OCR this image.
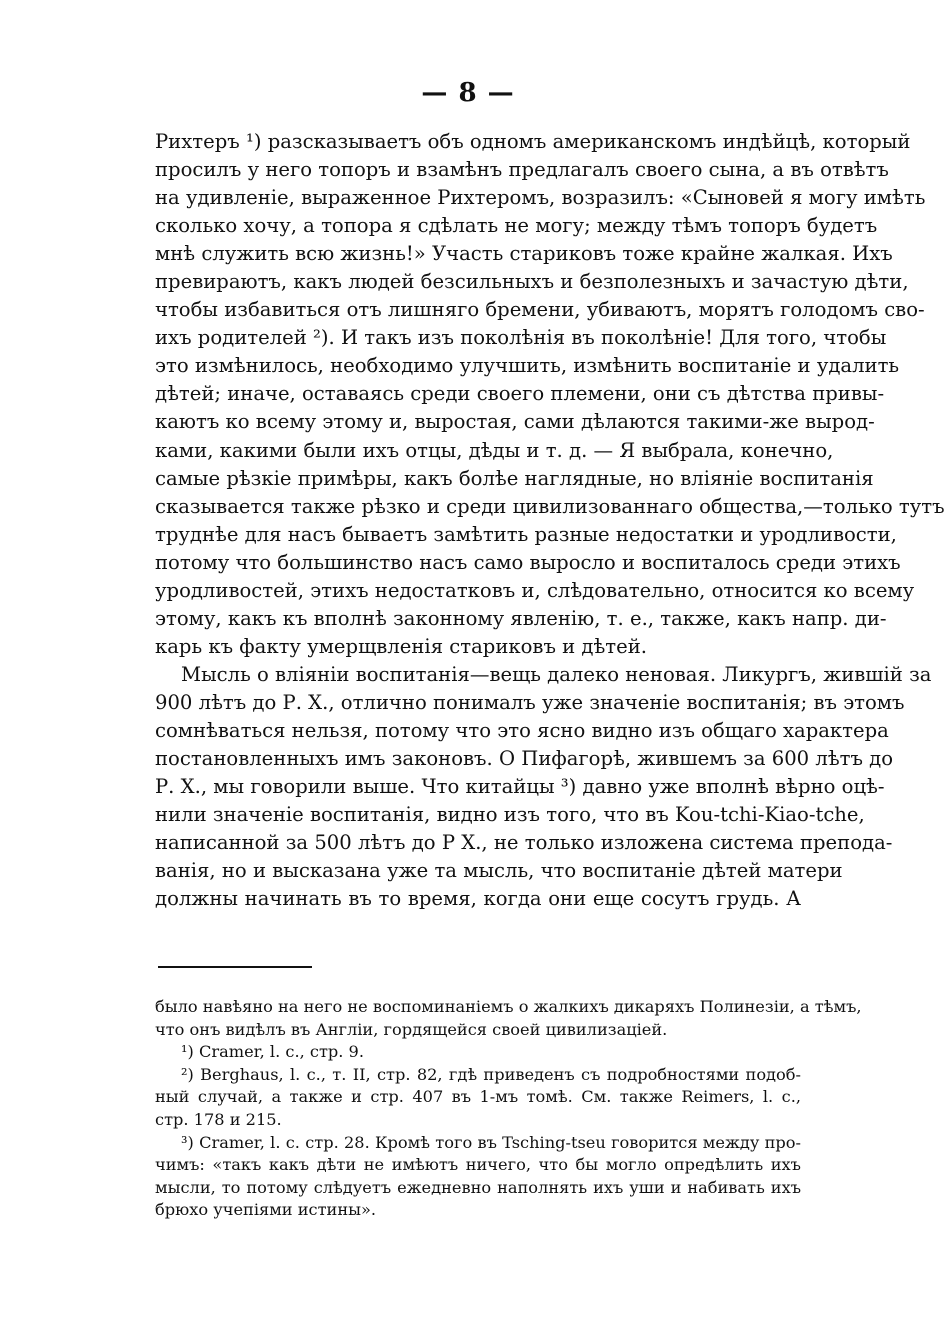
— 8 —
Рихтеръ ¹) разсказываетъ объ одномъ американскомъ индѣйцѣ, который
просилъ у него топоръ и взамѣнъ предлагалъ своего сына, а въ отвѣтъ
на удивленіе, выраженное Рихтеромъ, возразилъ: «Сыновей я могу имѣть
сколько хочу, а топора я сдѣлать не могу; между тѣмъ топоръ будетъ
мнѣ служить всю жизнь!» Участь стариковъ тоже крайне жалкая. Ихъ
превираютъ, какъ людей безсильныхъ и безполезныхъ и зачастую дѣти,
чтобы избавиться отъ лишняго бремени, убиваютъ, морятъ голодомъ сво-
ихъ родителей ²). И такъ изъ поколѣнія въ поколѣніе! Для того, чтобы
это измѣнилось, необходимо улучшить, измѣнить воспитаніе и удалить
дѣтей; иначе, оставаясь среди своего племени, они съ дѣтства привы-
каютъ ко всему этому и, выростая, сами дѣлаются такими-же вырод-
ками, какими были ихъ отцы, дѣды и т. д. — Я выбрала, конечно,
самые рѣзкіе примѣры, какъ болѣе наглядные, но вліяніе воспитанія
сказывается также рѣзко и среди цивилизованнаго общества,—только тутъ
труднѣе для насъ бываетъ замѣтить разные недостатки и уродливости,
потому что большинство насъ само выросло и воспиталось среди этихъ
уродливостей, этихъ недостатковъ и, слѣдовательно, относится ко всему
этому, какъ къ вполнѣ законному явленію, т. е., также, какъ напр. ди-
карь къ факту умерщвленія стариковъ и дѣтей.
Мысль о вліяніи воспитанія—вещь далеко неновая. Ликургъ, жившій за
900 лѣтъ до Р. Х., отлично понималъ уже значеніе воспитанія; въ этомъ
сомнѣваться нельзя, потому что это ясно видно изъ общаго характера
постановленныхъ имъ законовъ. О Пифагорѣ, жившемъ за 600 лѣтъ до
Р. Х., мы говорили выше. Что китайцы ³) давно уже вполнѣ вѣрно оцѣ-
нили значеніе воспитанія, видно изъ того, что въ Kou-tchi-Kiao-tche,
написанной за 500 лѣтъ до Р Х., не только изложена система препода-
ванія, но и высказана уже та мысль, что воспитаніе дѣтей матери
должны начинать въ то время, когда они еще сосутъ грудь. А
было навѣяно на него не воспоминаніемъ о жалкихъ дикаряхъ Полинезіи, а тѣмъ,
что онъ видѣлъ въ Англіи, гордящейся своей цивилизаціей.
¹) Cramer, l. c., стр. 9.
²) Berghaus, l. c., т. II, стр. 82, гдѣ приведенъ съ подробностями подоб-
ный случай, а также и стр. 407 въ 1-мъ томѣ. См. также Reimers, l. c.,
стр. 178 и 215.
³) Cramer, l. c. стр. 28. Кромѣ того въ Tsching-tseu говорится между про-
чимъ: «такъ какъ дѣти не имѣютъ ничего, что бы могло опредѣлить ихъ
мысли, то потому слѣдуетъ ежедневно наполнять ихъ уши и набивать ихъ
брюхо учепіями истины».
